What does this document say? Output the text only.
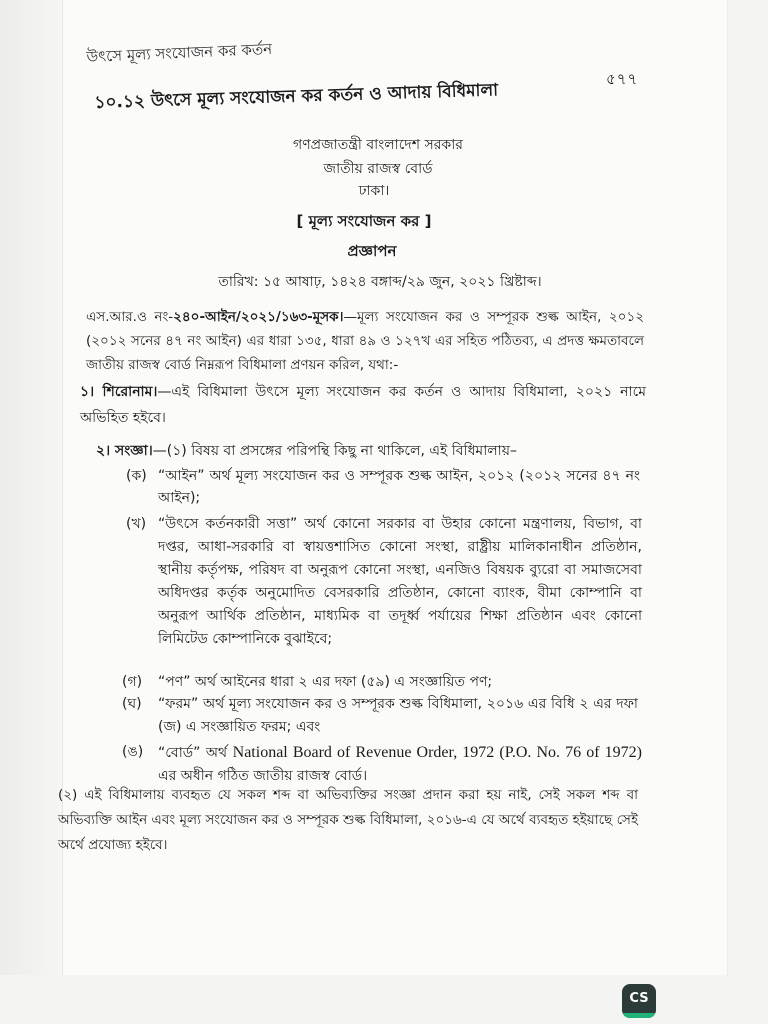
উৎসে মূল্য সংযোজন কর কর্তন
৫৭৭
১০.১২ উৎসে মূল্য সংযোজন কর কর্তন ও আদায় বিধিমালা
গণপ্রজাতন্ত্রী বাংলাদেশ সরকার
জাতীয় রাজস্ব বোর্ড
ঢাকা।
[ মূল্য সংযোজন কর ]
প্রজ্ঞাপন
তারিখ: ১৫ আষাঢ়, ১৪২৪ বঙ্গাব্দ/২৯ জুন, ২০২১ খ্রিষ্টাব্দ।
এস.আর.ও নং-২৪০-আইন/২০২১/১৬৩-মূসক।—মূল্য সংযোজন কর ও সম্পূরক শুল্ক আইন, ২০১২ (২০১২ সনের ৪৭ নং আইন) এর ধারা ১৩৫, ধারা ৪৯ ও ১২৭খ এর সহিত পঠিতব্য, এ প্রদত্ত ক্ষমতাবলে জাতীয় রাজস্ব বোর্ড নিম্নরূপ বিধিমালা প্রণয়ন করিল, যথা:-
১। শিরোনাম।—এই বিধিমালা উৎসে মূল্য সংযোজন কর কর্তন ও আদায় বিধিমালা, ২০২১ নামে অভিহিত হইবে।
২। সংজ্ঞা।—(১) বিষয় বা প্রসঙ্গের পরিপন্থি কিছু না থাকিলে, এই বিধিমালায়–
(ক) “আইন” অর্থ মূল্য সংযোজন কর ও সম্পূরক শুল্ক আইন, ২০১২ (২০১২ সনের ৪৭ নং আইন);
(খ) “উৎসে কর্তনকারী সত্তা” অর্থ কোনো সরকার বা উহার কোনো মন্ত্রণালয়, বিভাগ, বা দপ্তর, আধা-সরকারি বা স্বায়ত্তশাসিত কোনো সংস্থা, রাষ্ট্রীয় মালিকানাধীন প্রতিষ্ঠান, স্থানীয় কর্তৃপক্ষ, পরিষদ বা অনুরূপ কোনো সংস্থা, এনজিও বিষয়ক ব্যুরো বা সমাজসেবা অধিদপ্তর কর্তৃক অনুমোদিত বেসরকারি প্রতিষ্ঠান, কোনো ব্যাংক, বীমা কোম্পানি বা অনুরূপ আর্থিক প্রতিষ্ঠান, মাধ্যমিক বা তদূর্ধ্ব পর্যায়ের শিক্ষা প্রতিষ্ঠান এবং কোনো লিমিটেড কোম্পানিকে বুঝাইবে;
(গ) “পণ” অর্থ আইনের ধারা ২ এর দফা (৫৯) এ সংজ্ঞায়িত পণ;
(ঘ) “ফরম” অর্থ মূল্য সংযোজন কর ও সম্পূরক শুল্ক বিধিমালা, ২০১৬ এর বিধি ২ এর দফা (জ) এ সংজ্ঞায়িত ফরম; এবং
(ঙ) “বোর্ড” অর্থ National Board of Revenue Order, 1972 (P.O. No. 76 of 1972) এর অধীন গঠিত জাতীয় রাজস্ব বোর্ড।
(২) এই বিধিমালায় ব্যবহৃত যে সকল শব্দ বা অভিব্যক্তির সংজ্ঞা প্রদান করা হয় নাই, সেই সকল শব্দ বা অভিব্যক্তি আইন এবং মূল্য সংযোজন কর ও সম্পূরক শুল্ক বিধিমালা, ২০১৬-এ যে অর্থে ব্যবহৃত হইয়াছে সেই অর্থে প্রযোজ্য হইবে।
CS
